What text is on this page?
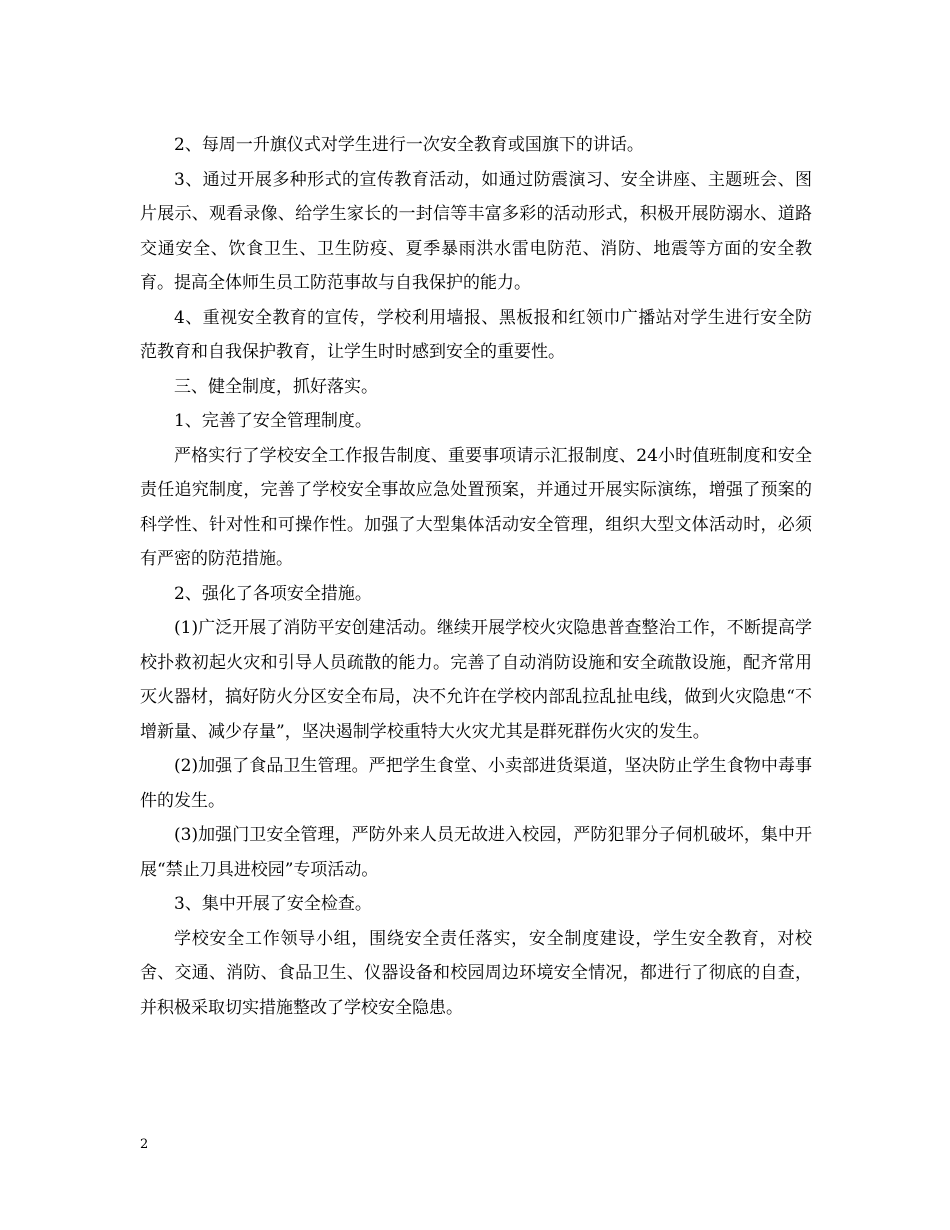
2、每周一升旗仪式对学生进行一次安全教育或国旗下的讲话。

3、通过开展多种形式的宣传教育活动，如通过防震演习、安全讲座、主题班会、图片展示、观看录像、给学生家长的一封信等丰富多彩的活动形式，积极开展防溺水、道路交通安全、饮食卫生、卫生防疫、夏季暴雨洪水雷电防范、消防、地震等方面的安全教育。提高全体师生员工防范事故与自我保护的能力。

4、重视安全教育的宣传，学校利用墙报、黑板报和红领巾广播站对学生进行安全防范教育和自我保护教育，让学生时时感到安全的重要性。

三、健全制度，抓好落实。

1、完善了安全管理制度。

严格实行了学校安全工作报告制度、重要事项请示汇报制度、24小时值班制度和安全责任追究制度，完善了学校安全事故应急处置预案，并通过开展实际演练，增强了预案的科学性、针对性和可操作性。加强了大型集体活动安全管理，组织大型文体活动时，必须有严密的防范措施。

2、强化了各项安全措施。

(1)广泛开展了消防平安创建活动。继续开展学校火灾隐患普查整治工作，不断提高学校扑救初起火灾和引导人员疏散的能力。完善了自动消防设施和安全疏散设施，配齐常用灭火器材，搞好防火分区安全布局，决不允许在学校内部乱拉乱扯电线，做到火灾隐患“不增新量、减少存量”，坚决遏制学校重特大火灾尤其是群死群伤火灾的发生。

(2)加强了食品卫生管理。严把学生食堂、小卖部进货渠道，坚决防止学生食物中毒事件的发生。

(3)加强门卫安全管理，严防外来人员无故进入校园，严防犯罪分子伺机破坏，集中开展“禁止刀具进校园”专项活动。

3、集中开展了安全检查。

学校安全工作领导小组，围绕安全责任落实，安全制度建设，学生安全教育，对校舍、交通、消防、食品卫生、仪器设备和校园周边环境安全情况，都进行了彻底的自查，并积极采取切实措施整改了学校安全隐患。

2
